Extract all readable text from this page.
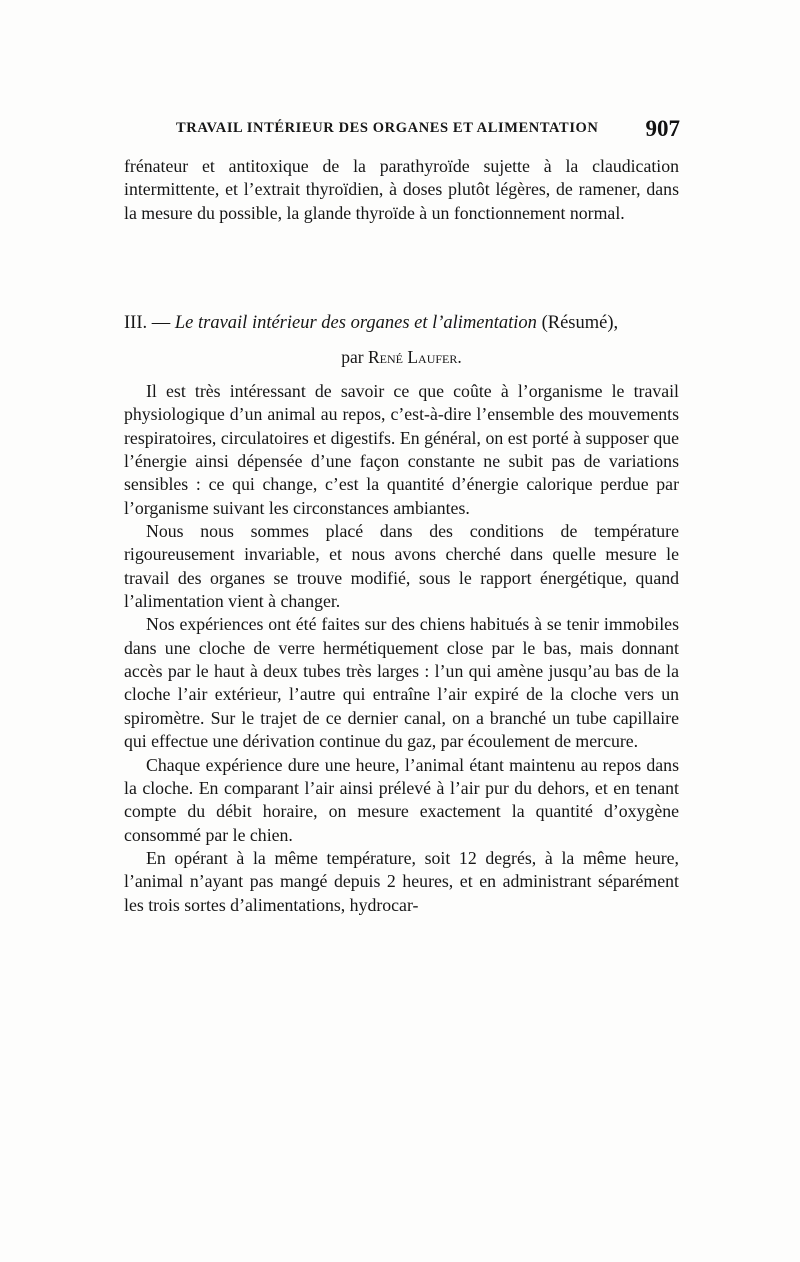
TRAVAIL INTÉRIEUR DES ORGANES ET ALIMENTATION 907

frénateur et antitoxique de la parathyroïde sujette à la claudication intermittente, et l’extrait thyroïdien, à doses plutôt légères, de ramener, dans la mesure du possible, la glande thyroïde à un fonctionnement normal.

III. — Le travail intérieur des organes et l’alimentation (Résumé),
par René Laufer.

Il est très intéressant de savoir ce que coûte à l’organisme le travail physiologique d’un animal au repos, c’est-à-dire l’ensemble des mouvements respiratoires, circulatoires et digestifs. En général, on est porté à supposer que l’énergie ainsi dépensée d’une façon constante ne subit pas de variations sensibles : ce qui change, c’est la quantité d’énergie calorique perdue par l’organisme suivant les circonstances ambiantes.

Nous nous sommes placé dans des conditions de température rigoureusement invariable, et nous avons cherché dans quelle mesure le travail des organes se trouve modifié, sous le rapport énergétique, quand l’alimentation vient à changer.

Nos expériences ont été faites sur des chiens habitués à se tenir immobiles dans une cloche de verre hermétiquement close par le bas, mais donnant accès par le haut à deux tubes très larges : l’un qui amène jusqu’au bas de la cloche l’air extérieur, l’autre qui entraîne l’air expiré de la cloche vers un spiromètre. Sur le trajet de ce dernier canal, on a branché un tube capillaire qui effectue une dérivation continue du gaz, par écoulement de mercure.

Chaque expérience dure une heure, l’animal étant maintenu au repos dans la cloche. En comparant l’air ainsi prélevé à l’air pur du dehors, et en tenant compte du débit horaire, on mesure exactement la quantité d’oxygène consommé par le chien.

En opérant à la même température, soit 12 degrés, à la même heure, l’animal n’ayant pas mangé depuis 2 heures, et en administrant séparément les trois sortes d’alimentations, hydrocar-
